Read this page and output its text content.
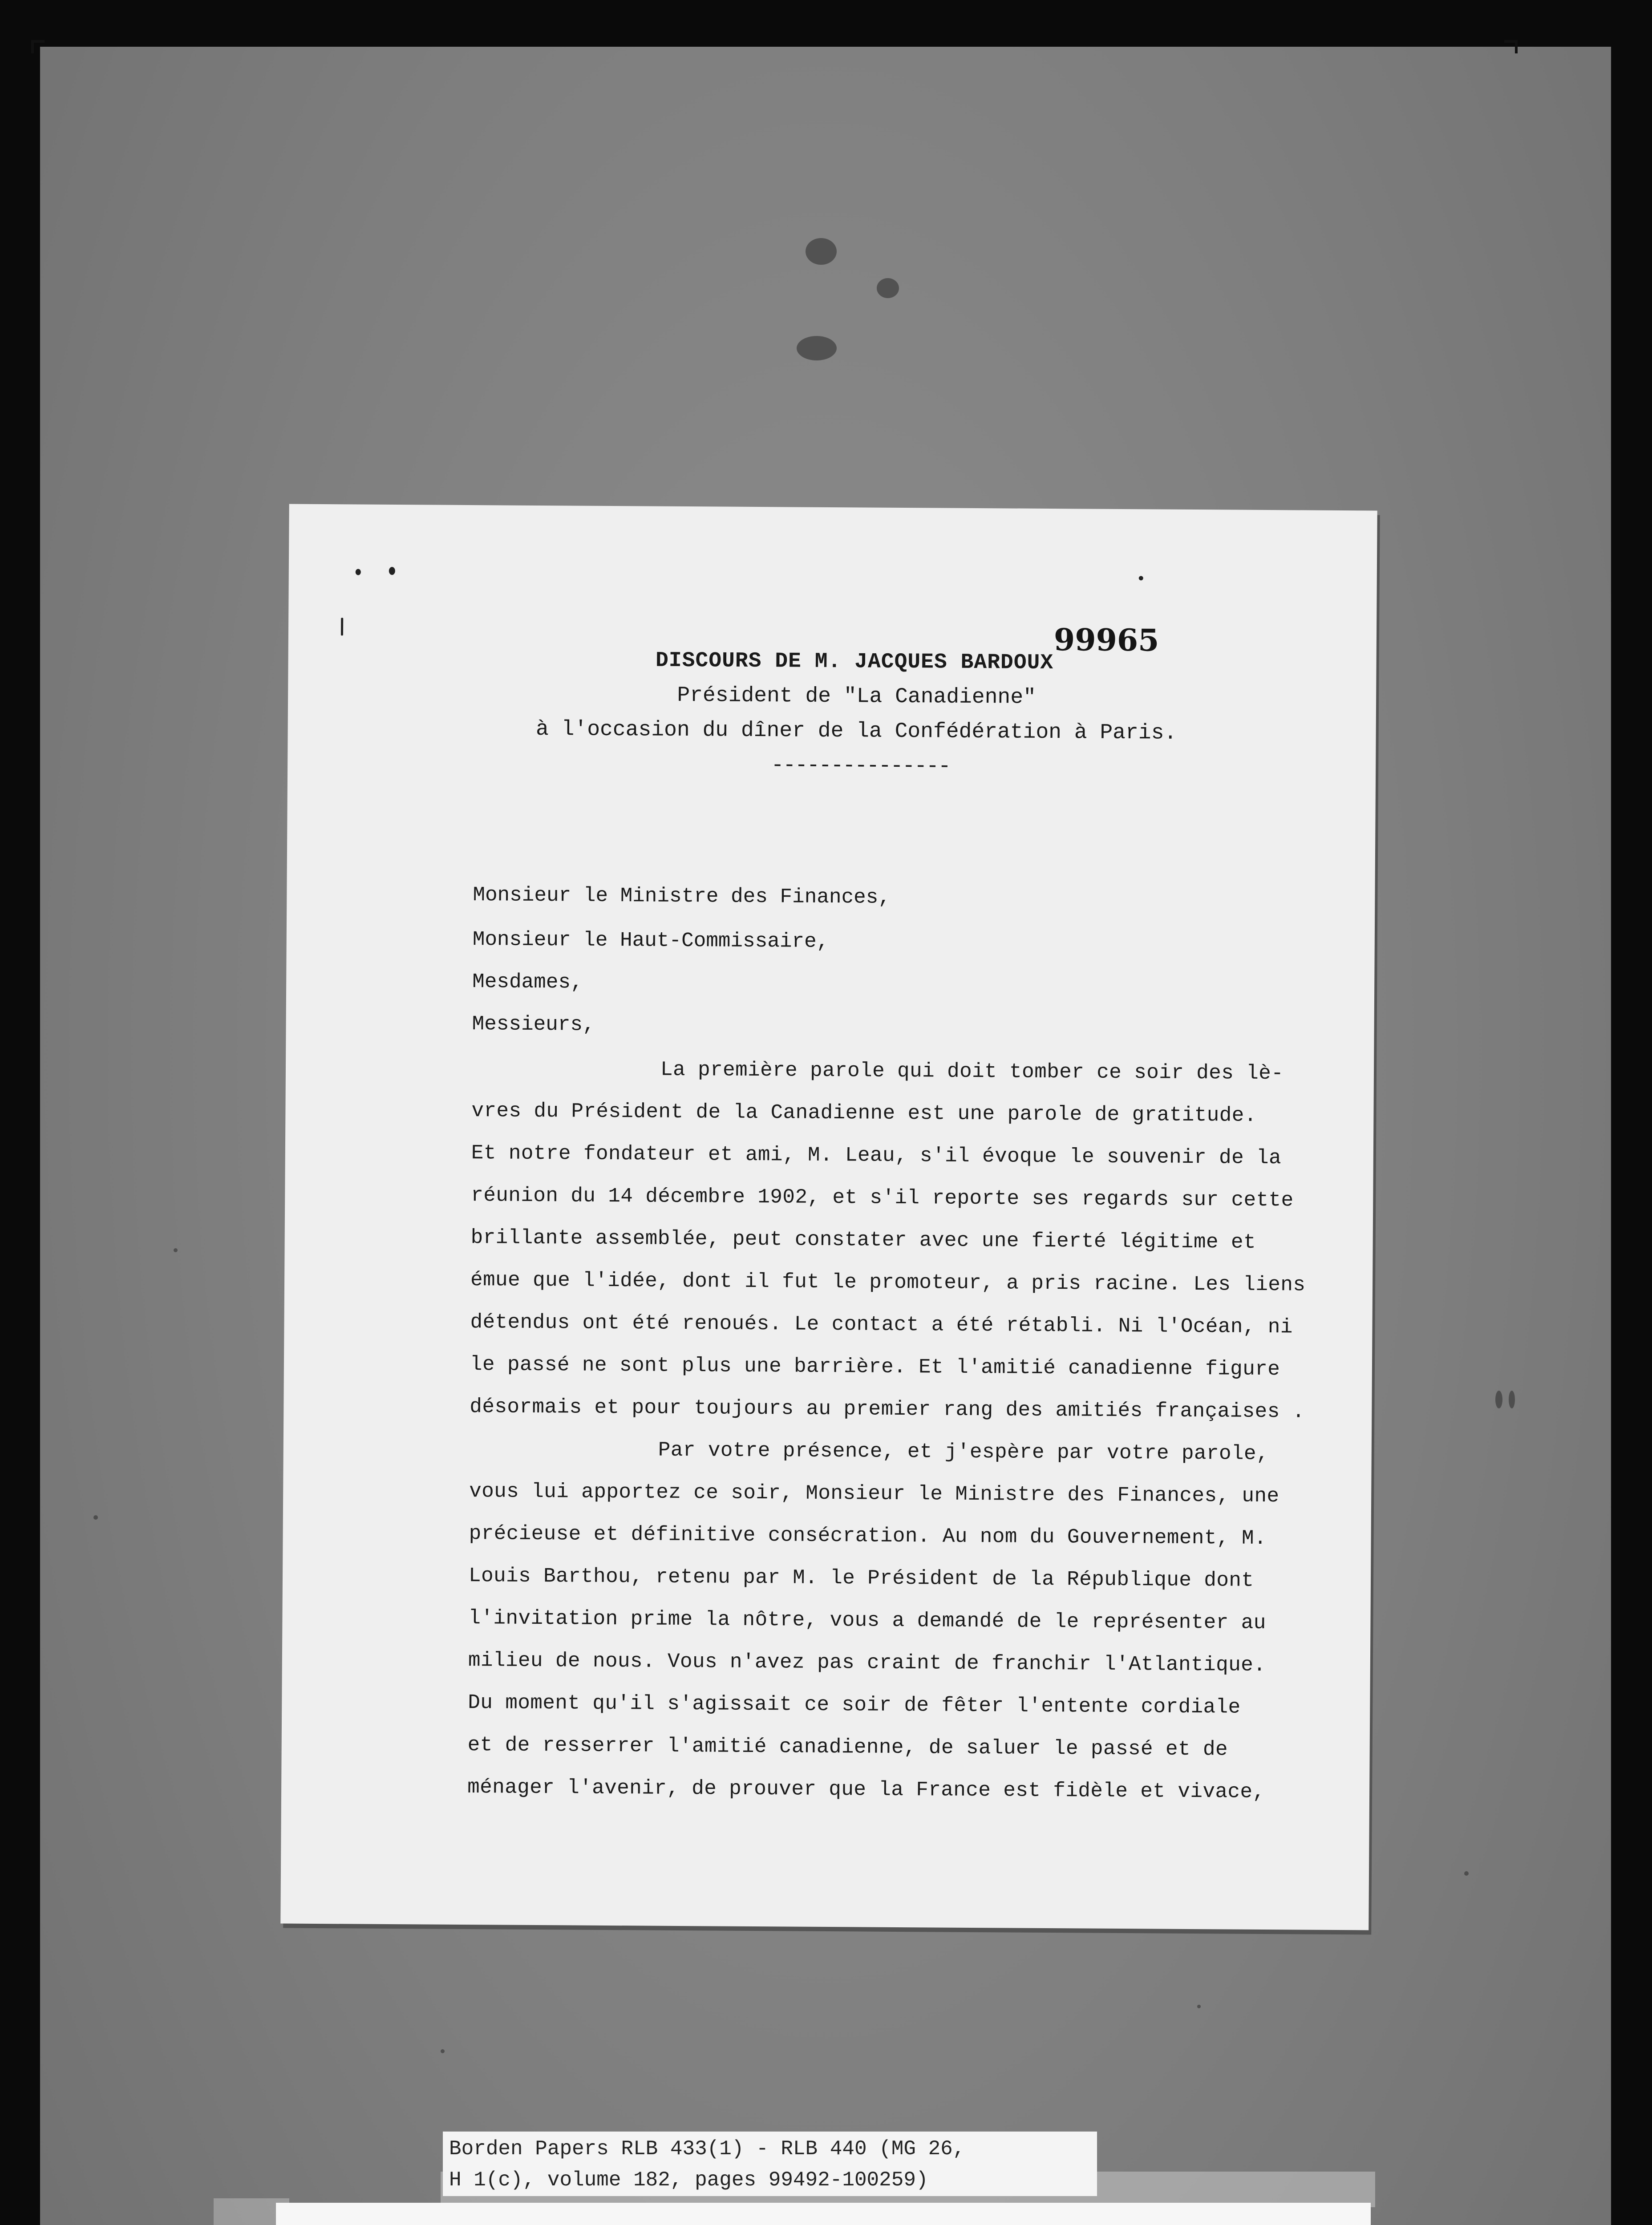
99965
DISCOURS DE M. JACQUES BARDOUX
Président de "La Canadienne"
à l'occasion du dîner de la Confédération à Paris.
---------------
Monsieur le Ministre des Finances,
Monsieur le Haut-Commissaire,
Mesdames,
Messieurs,
La première parole qui doit tomber ce soir des lè-
vres du Président de la Canadienne est une parole de gratitude.
Et notre fondateur et ami, M. Leau, s'il évoque le souvenir de la
réunion du 14 décembre 1902, et s'il reporte ses regards sur cette
brillante assemblée, peut constater avec une fierté légitime et
émue que l'idée, dont il fut le promoteur, a pris racine. Les liens
détendus ont été renoués. Le contact a été rétabli. Ni l'Océan, ni
le passé ne sont plus une barrière. Et l'amitié canadienne figure
désormais et pour toujours au premier rang des amitiés françaises .
Par votre présence, et j'espère par votre parole,
vous lui apportez ce soir, Monsieur le Ministre des Finances, une
précieuse et définitive consécration. Au nom du Gouvernement, M.
Louis Barthou, retenu par M. le Président de la République dont
l'invitation prime la nôtre, vous a demandé de le représenter au
milieu de nous. Vous n'avez pas craint de franchir l'Atlantique.
Du moment qu'il s'agissait ce soir de fêter l'entente cordiale
et de resserrer l'amitié canadienne, de saluer le passé et de
ménager l'avenir, de prouver que la France est fidèle et vivace,
Borden Papers RLB 433(1) - RLB 440 (MG 26,
H 1(c), volume 182, pages 99492-100259)
